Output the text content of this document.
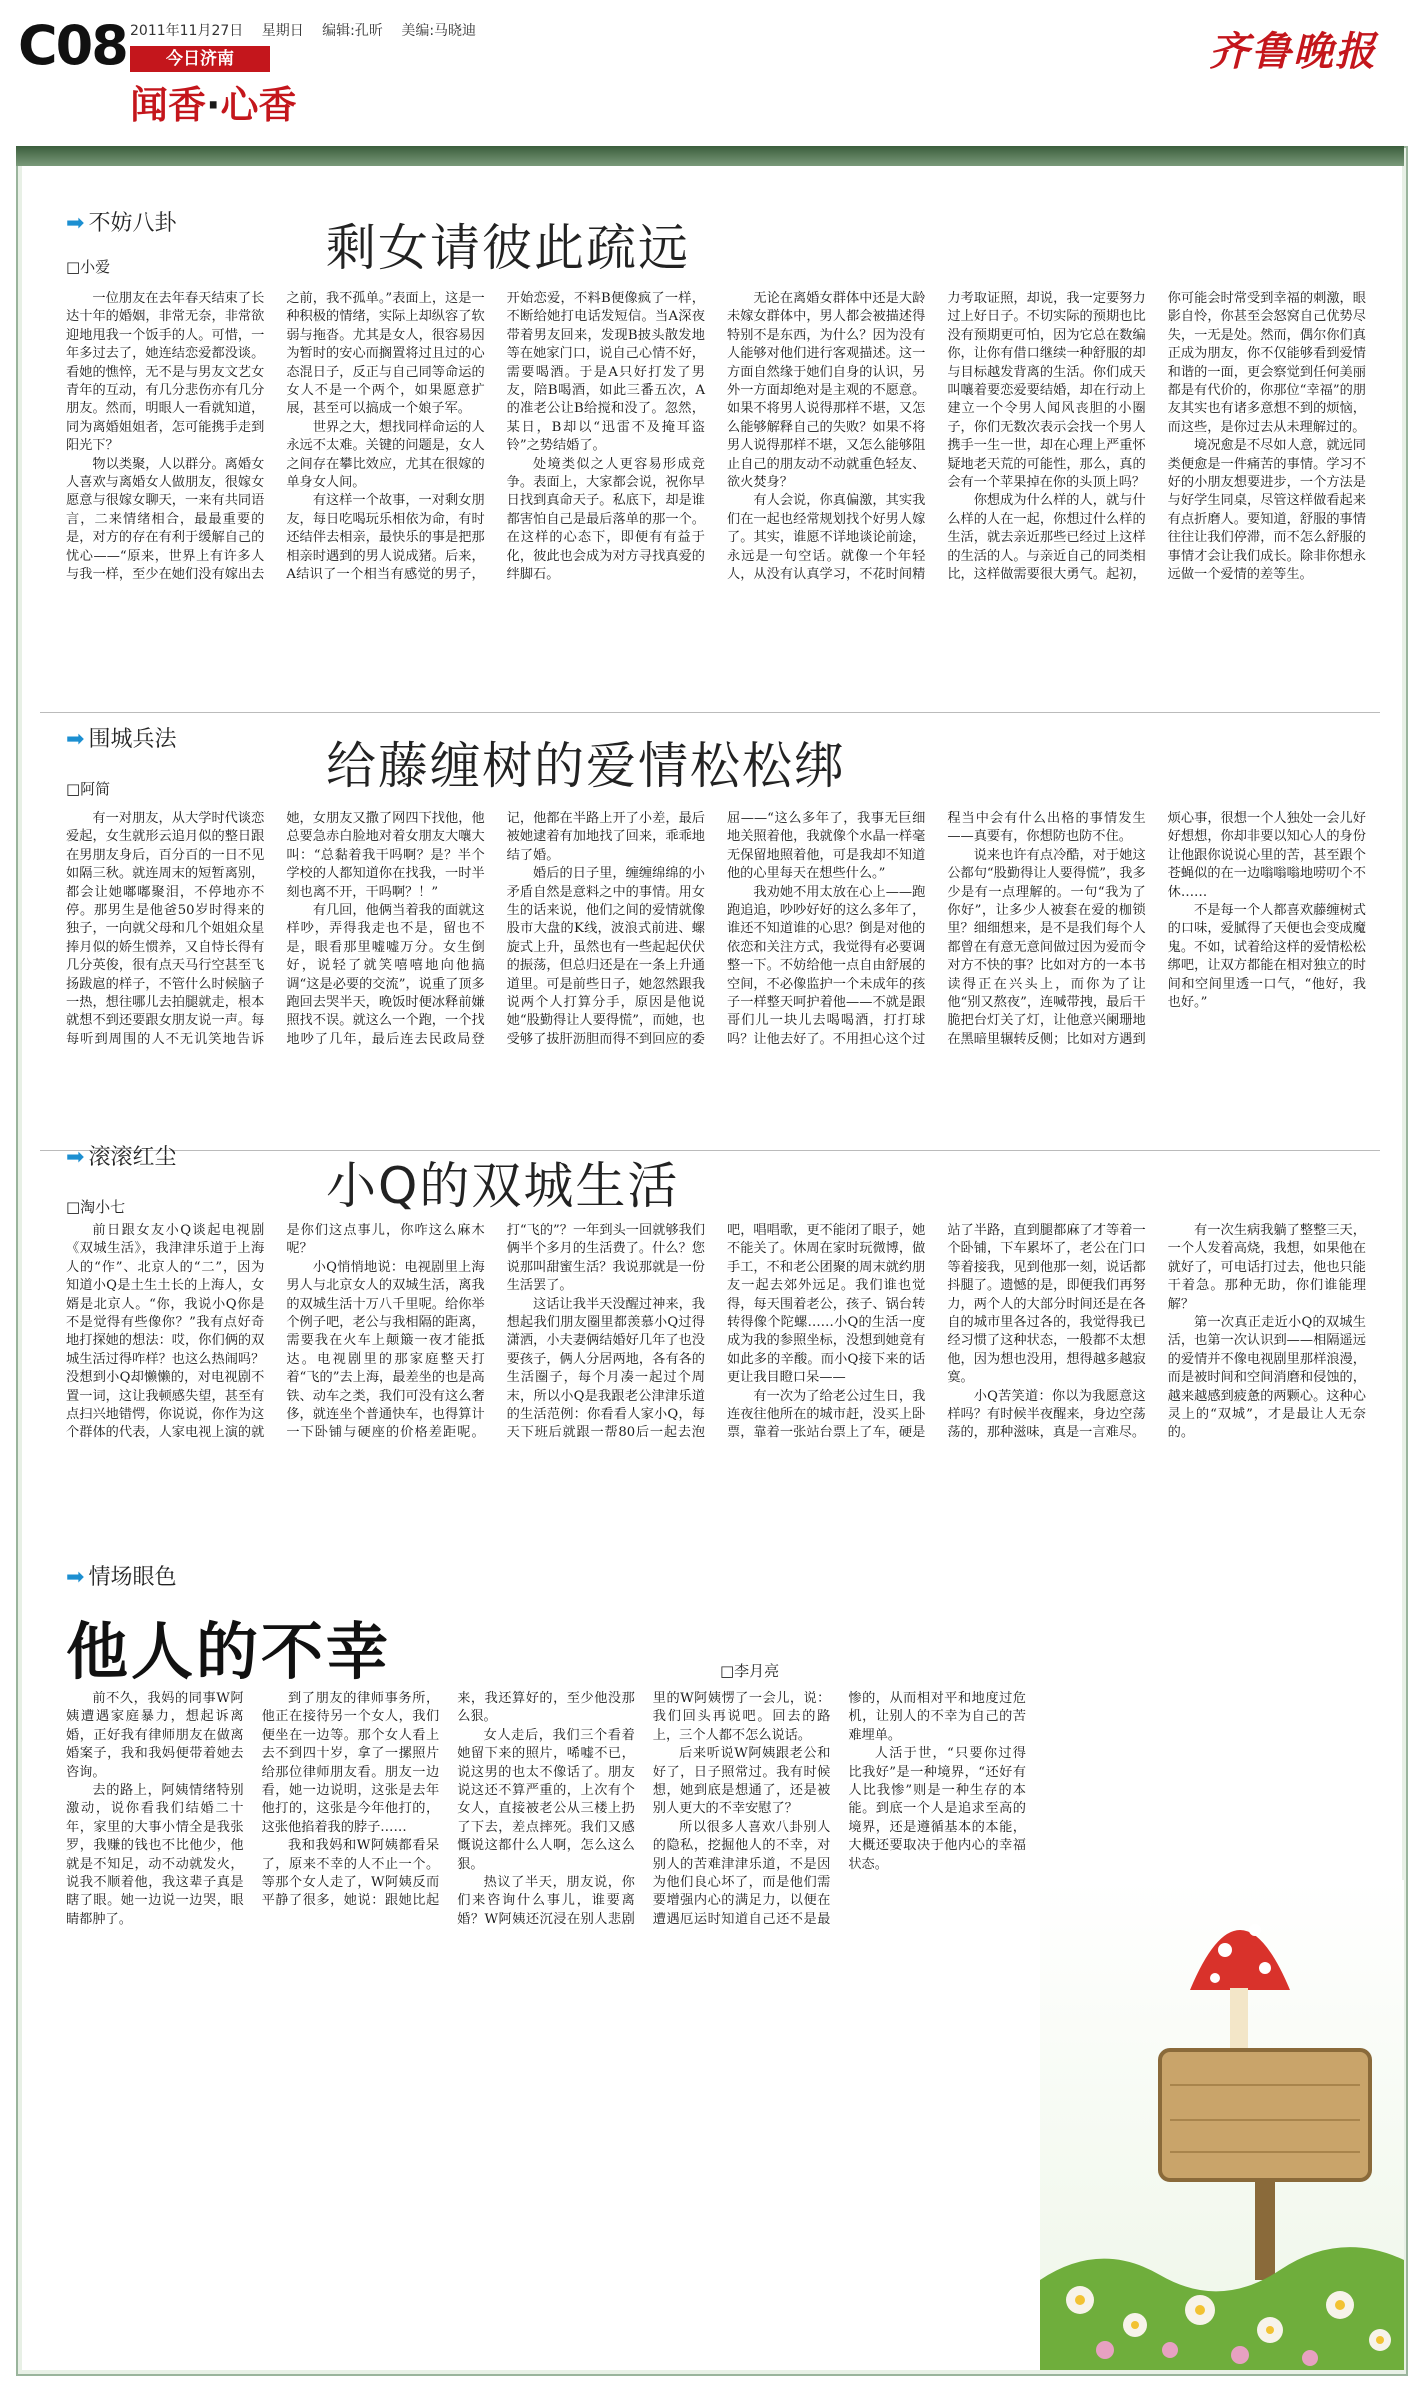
C08 2011年11月27日 星期日 编辑:孔昕 美编:马晓迪
今日济南
闻香·心香
齐鲁晚报
➡ 不妨八卦	剩女请彼此疏远
□小爱

一位朋友在去年春天结束了长达十年的婚姻，非常无奈，非常欲迎地甩我一个饭手的人。可惜，一年多过去了，她连结恋爱都没谈。看她的憔悴，无不是与男友文艺女青年的互动，有几分悲伤亦有几分朋友。然而，明眼人一看就知道，同为离婚姐姐者，怎可能携手走到阳光下？

物以类聚，人以群分。离婚女人喜欢与离婚女人做朋友，很嫁女愿意与很嫁女聊天，一来有共同语言，二来情绪相合，最最重要的是，对方的存在有利于缓解自己的忧心——“原来，世界上有许多人与我一样，至少在她们没有嫁出去之前，我不孤单。”表面上，这是一种积极的情绪，实际上却纵容了软弱与拖沓。尤其是女人，很容易因为暂时的安心而搁置将过且过的心态混日子，反正与自己同等命运的女人不是一个两个，如果愿意扩展，甚至可以搞成一个娘子军。

世界之大，想找同样命运的人永远不太难。关键的问题是，女人之间存在攀比效应，尤其在很嫁的单身女人间。

有这样一个故事，一对剩女朋友，每日吃喝玩乐相依为命，有时还结伴去相亲，最快乐的事是把那相亲时遇到的男人说成猪。后来，A结识了一个相当有感觉的男子，开始恋爱，不料B便像疯了一样，不断给她打电话发短信。当A深夜带着男友回来，发现B披头散发地等在她家门口，说自己心情不好，需要喝酒。于是A只好打发了男友，陪B喝酒，如此三番五次，A的准老公让B给搅和没了。忽然，某日，B却以“迅雷不及掩耳盗铃”之势结婚了。

处境类似之人更容易形成竞争。表面上，大家都会说，祝你早日找到真命天子。私底下，却是谁都害怕自己是最后落单的那一个。在这样的心态下，即便有有益于化，彼此也会成为对方寻找真爱的绊脚石。

无论在离婚女群体中还是大龄未嫁女群体中，男人都会被描述得特别不是东西，为什么？因为没有人能够对他们进行客观描述。这一方面自然缘于她们自身的认识，另外一方面却绝对是主观的不愿意。如果不将男人说得那样不堪，又怎么能够解释自己的失败？如果不将男人说得那样不堪，又怎么能够阻止自己的朋友动不动就重色轻友、欲火焚身？

有人会说，你真偏激，其实我们在一起也经常规划找个好男人嫁了。其实，谁愿不详地谈论前途，永远是一句空话。就像一个年轻人，从没有认真学习，不花时间精力考取证照，却说，我一定要努力过上好日子。不切实际的预期也比没有预期更可怕，因为它总在数编你，让你有借口继续一种舒服的却与目标越发背离的生活。你们成天叫嚷着要恋爱要结婚，却在行动上建立一个令男人闻风丧胆的小圈子，你们无数次表示会找一个男人携手一生一世，却在心理上严重怀疑地老天荒的可能性，那么，真的会有一个苹果掉在你的头顶上吗？

你想成为什么样的人，就与什么样的人在一起，你想过什么样的生活，就去亲近那些已经过上这样的生活的人。与亲近自己的同类相比，这样做需要很大勇气。起初，你可能会时常受到幸福的刺激，眼影自怜，你甚至会怒窝自己优势尽失，一无是处。然而，偶尔你们真正成为朋友，你不仅能够看到爱情和谐的一面，更会察觉到任何美丽都是有代价的，你那位“幸福”的朋友其实也有诸多意想不到的烦恼，而这些，是你过去从未理解过的。

境况愈是不尽如人意，就远同类便愈是一件痛苦的事情。学习不好的小朋友想要进步，一个方法是与好学生同桌，尽管这样做看起来有点折磨人。要知道，舒服的事情往往让我们停滞，而不怎么舒服的事情才会让我们成长。除非你想永远做一个爱情的差等生。

➡ 围城兵法	给藤缠树的爱情松松绑
□阿简

有一对朋友，从大学时代谈恋爱起，女生就形云追月似的整日跟在男朋友身后，百分百的一日不见如隔三秋。就连周末的短暂离别，都会让她嘟嘟聚泪，不停地亦不停。那男生是他爸50岁时得来的独子，一向就父母和几个姐姐众星捧月似的娇生惯养，又自恃长得有几分英俊，很有点天马行空甚至飞扬跋扈的样子，不管什么时候脑子一热，想往哪儿去拍腿就走，根本就想不到还要跟女朋友说一声。每每听到周围的人不无讥笑地告诉她，女朋友又撒了网四下找他，他总要急赤白脸地对着女朋友大嚷大叫：“总黏着我干吗啊？是？半个学校的人都知道你在找我，一时半刻也离不开，干吗啊？！”

有几回，他俩当着我的面就这样吵，弄得我走也不是，留也不是，眼看那里嘘嘘万分。女生倒好，说轻了就笑嘻嘻地向他搞调“这是必要的交流”，说重了顶多跑回去哭半天，晚饭时便冰释前嫌照找不误。就这么一个跑，一个找地吵了几年，最后连去民政局登记，他都在半路上开了小差，最后被她逮着有加地找了回来，乖乖地结了婚。

婚后的日子里，缠缠绵绵的小矛盾自然是意料之中的事情。用女生的话来说，他们之间的爱情就像股市大盘的K线，波浪式前进、螺旋式上升，虽然也有一些起起伏伏的振荡，但总归还是在一条上升通道里。可是前些日子，她忽然跟我说两个人打算分手，原因是他说她“股勤得让人要得慌”，而她，也受够了拔肝沥胆而得不到回应的委屈——“这么多年了，我事无巨细地关照着他，我就像个水晶一样毫无保留地照着他，可是我却不知道他的心里每天在想些什么。”

我劝她不用太放在心上——跑跑追追，吵吵好好的这么多年了，谁还不知道谁的心思？倒是对他的依恋和关注方式，我觉得有必要调整一下。不妨给他一点自由舒展的空间，不必像监护一个未成年的孩子一样整天呵护着他——不就是跟哥们儿一块儿去喝喝酒，打打球吗？让他去好了。不用担心这个过程当中会有什么出格的事情发生——真要有，你想防也防不住。

说来也许有点冷酷，对于她这公都句“股勤得让人要得慌”，我多少是有一点理解的。一句“我为了你好”，让多少人被套在爱的枷锁里？细细想来，是不是我们每个人都曾在有意无意间做过因为爱而令对方不快的事？比如对方的一本书读得正在兴头上，而你为了让他“别又熬夜”，连喊带拽，最后干脆把台灯关了灯，让他意兴阑珊地在黑暗里辗转反侧；比如对方遇到烦心事，很想一个人独处一会儿好好想想，你却非要以知心人的身份让他跟你说说心里的苦，甚至跟个苍蝇似的在一边嗡嗡嗡地唠叨个不休……

不是每一个人都喜欢藤缠树式的口味，爱腻得了天便也会变成魔鬼。不如，试着给这样的爱情松松绑吧，让双方都能在相对独立的时间和空间里透一口气，“他好，我也好。”

➡ 滚滚红尘	小Q的双城生活
□淘小七

前日跟女友小Q谈起电视剧《双城生活》，我津津乐道于上海人的“作”、北京人的“二”，因为知道小Q是土生土长的上海人，女婿是北京人。“你，我说小Q你是不是觉得有些像你？”我有点好奇地打探她的想法：哎，你们俩的双城生活过得咋样？也这么热闹吗？没想到小Q却懒懒的，对电视剧不置一词，这让我顿感失望，甚至有点扫兴地错愕，你说说，你作为这个群体的代表，人家电视上演的就是你们这点事儿，你咋这么麻木呢？

小Q悄悄地说：电视剧里上海男人与北京女人的双城生活，离我的双城生活十万八千里呢。给你举个例子吧，老公与我相隔的距离，需要我在火车上颠簸一夜才能抵达。电视剧里的那家庭整天打着“飞的”去上海，最差坐的也是高铁、动车之类，我们可没有这么奢侈，就连坐个普通快车，也得算计一下卧铺与硬座的价格差距呢。打“飞的”？一年到头一回就够我们俩半个多月的生活费了。什么？您说那叫甜蜜生活？我说那就是一份生活罢了。

这话让我半天没醒过神来，我想起我们朋友圈里都羡慕小Q过得潇洒，小夫妻俩结婚好几年了也没要孩子，俩人分居两地，各有各的生活圈子，每个月凑一起过个周末，所以小Q是我跟老公津津乐道的生活范例：你看看人家小Q，每天下班后就跟一帮80后一起去泡吧，唱唱歌，更不能闭了眼子，她不能关了。休周在家时玩微博，做手工，不和老公团聚的周末就约朋友一起去郊外远足。我们谁也觉得，每天围着老公，孩子、锅台转转得像个陀螺……小Q的生活一度成为我的参照坐标，没想到她竟有如此多的辛酸。而小Q接下来的话更让我目瞪口呆——

有一次为了给老公过生日，我连夜往他所在的城市赶，没买上卧票，靠着一张站台票上了车，硬是站了半路，直到腿都麻了才等着一个卧铺，下车累坏了，老公在门口等着接我，见到他那一刻，说话都抖腿了。遗憾的是，即便我们再努力，两个人的大部分时间还是在各自的城市里各过各的，我觉得我已经习惯了这种状态，一般都不太想他，因为想也没用，想得越多越寂寞。

小Q苦笑道：你以为我愿意这样吗？有时候半夜醒来，身边空荡荡的，那种滋味，真是一言难尽。

有一次生病我躺了整整三天，一个人发着高烧，我想，如果他在就好了，可电话打过去，他也只能干着急。那种无助，你们谁能理解？

第一次真正走近小Q的双城生活，也第一次认识到——相隔遥远的爱情并不像电视剧里那样浪漫，而是被时间和空间消磨和侵蚀的，越来越感到疲惫的两颗心。这种心灵上的“双城”，才是最让人无奈的。

➡ 情场眼色
他人的不幸	□李月亮

前不久，我妈的同事W阿姨遭遇家庭暴力，想起诉离婚，正好我有律师朋友在做离婚案子，我和我妈便带着她去咨询。

去的路上，阿姨情绪特别激动，说你看我们结婚二十年，家里的大事小情全是我张罗，我赚的钱也不比他少，他就是不知足，动不动就发火，说我不顺着他，我这辈子真是瞎了眼。她一边说一边哭，眼睛都肿了。

到了朋友的律师事务所，他正在接待另一个女人，我们便坐在一边等。那个女人看上去不到四十岁，拿了一摞照片给那位律师朋友看。朋友一边看，她一边说明，这张是去年他打的，这张是今年他打的，这张他掐着我的脖子……

我和我妈和W阿姨都看呆了，原来不幸的人不止一个。等那个女人走了，W阿姨反而平静了很多，她说：跟她比起来，我还算好的，至少他没那么狠。

女人走后，我们三个看着她留下来的照片，唏嘘不已，说这男的也太不像话了。朋友说这还不算严重的，上次有个女人，直接被老公从三楼上扔了下去，差点摔死。我们又感慨说这都什么人啊，怎么这么狠。

热议了半天，朋友说，你们来咨询什么事儿，谁要离婚？W阿姨还沉浸在别人悲剧里的W阿姨愣了一会儿，说：我们回头再说吧。回去的路上，三个人都不怎么说话。

后来听说W阿姨跟老公和好了，日子照常过。我有时候想，她到底是想通了，还是被别人更大的不幸安慰了？

所以很多人喜欢八卦别人的隐私，挖掘他人的不幸，对别人的苦难津津乐道，不是因为他们良心坏了，而是他们需要增强内心的满足力，以便在遭遇厄运时知道自己还不是最惨的，从而相对平和地度过危机，让别人的不幸为自己的苦难埋单。

人活于世，“只要你过得比我好”是一种境界，“还好有人比我惨”则是一种生存的本能。到底一个人是追求至高的境界，还是遵循基本的本能，大概还要取决于他内心的幸福状态。
